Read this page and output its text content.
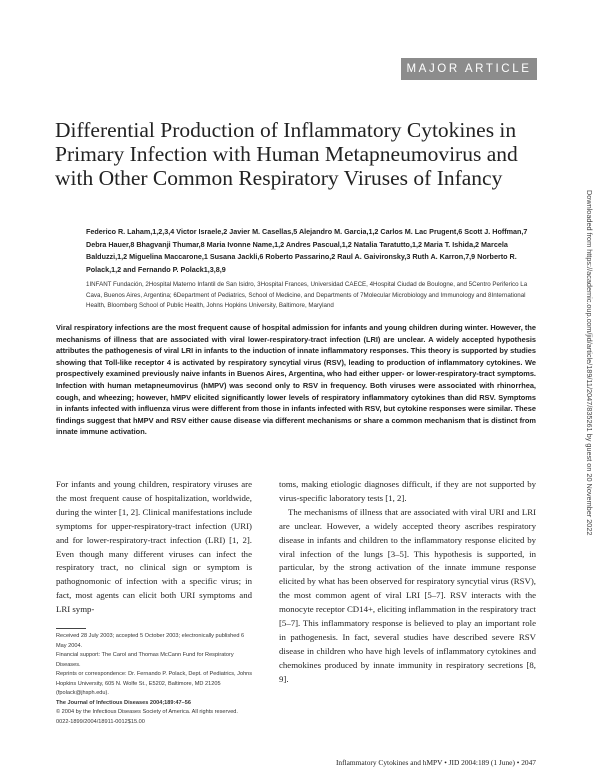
MAJOR ARTICLE
Differential Production of Inflammatory Cytokines in Primary Infection with Human Metapneumovirus and with Other Common Respiratory Viruses of Infancy
Federico R. Laham,1,2,3,4 Victor Israele,2 Javier M. Casellas,5 Alejandro M. Garcia,1,2 Carlos M. Lac Prugent,6 Scott J. Hoffman,7 Debra Hauer,8 Bhagvanji Thumar,8 Maria Ivonne Name,1,2 Andres Pascual,1,2 Natalia Taratutto,1,2 Maria T. Ishida,2 Marcela Balduzzi,1,2 Miguelina Maccarone,1 Susana Jackli,6 Roberto Passarino,2 Raul A. Gaivironsky,3 Ruth A. Karron,7,9 Norberto R. Polack,1,2 and Fernando P. Polack1,3,8,9
1INFANT Fundación, 2Hospital Materno Infantil de San Isidro, 3Hospital Frances, Universidad CAECE, 4Hospital Ciudad de Boulogne, and 5Centro Periferico La Cava, Buenos Aires, Argentina; 6Department of Pediatrics, School of Medicine, and Departments of 7Molecular Microbiology and Immunology and 8International Health, Bloomberg School of Public Health, Johns Hopkins University, Baltimore, Maryland
Viral respiratory infections are the most frequent cause of hospital admission for infants and young children during winter. However, the mechanisms of illness that are associated with viral lower-respiratory-tract infection (LRI) are unclear. A widely accepted hypothesis attributes the pathogenesis of viral LRI in infants to the induction of innate inflammatory responses. This theory is supported by studies showing that Toll-like receptor 4 is activated by respiratory syncytial virus (RSV), leading to production of inflammatory cytokines. We prospectively examined previously naive infants in Buenos Aires, Argentina, who had either upper- or lower-respiratory-tract symptoms. Infection with human metapneumovirus (hMPV) was second only to RSV in frequency. Both viruses were associated with rhinorrhea, cough, and wheezing; however, hMPV elicited significantly lower levels of respiratory inflammatory cytokines than did RSV. Symptoms in infants infected with influenza virus were different from those in infants infected with RSV, but cytokine responses were similar. These findings suggest that hMPV and RSV either cause disease via different mechanisms or share a common mechanism that is distinct from innate immune activation.

For infants and young children, respiratory viruses are the most frequent cause of hospitalization, worldwide, during the winter [1, 2]. Clinical manifestations include symptoms for upper-respiratory-tract infection (URI) and for lower-respiratory-tract infection (LRI) [1, 2]. Even though many different viruses can infect the respiratory tract, no clinical sign or symptom is pathognomonic of infection with a specific virus; in fact, most agents can elicit both URI symptoms and LRI symp-

toms, making etiologic diagnoses difficult, if they are not supported by virus-specific laboratory tests [1, 2].

The mechanisms of illness that are associated with viral URI and LRI are unclear. However, a widely accepted theory ascribes respiratory disease in infants and children to the inflammatory response elicited by viral infection of the lungs [3–5]. This hypothesis is supported, in particular, by the strong activation of the innate immune response elicited by what has been observed for respiratory syncytial virus (RSV), the most common agent of viral LRI [5–7]. RSV interacts with the monocyte receptor CD14+, eliciting inflammation in the respiratory tract [5–7]. This inflammatory response is believed to play an important role in pathogenesis. In fact, several studies have described severe RSV disease in children who have high levels of inflammatory cytokines and chemokines produced by innate immunity in respiratory secretions [8, 9].

Received 28 July 2003; accepted 5 October 2003; electronically published 6 May 2004.

Financial support: The Carol and Thomas McCann Fund for Respiratory Diseases.

Reprints or correspondence: Dr. Fernando P. Polack, Dept. of Pediatrics, Johns Hopkins University, 605 N. Wolfe St., E5202, Baltimore, MD 21205 (fpolack@jhsph.edu).

The Journal of Infectious Diseases 2004;189:47–56

© 2004 by the Infectious Diseases Society of America. All rights reserved.

0022-1899/2004/18911-0012$15.00

Inflammatory Cytokines and hMPV • JID 2004:189 (1 June) • 2047
Downloaded from https://academic.oup.com/jid/article/189/11/2047/835261 by guest on 20 November 2022
